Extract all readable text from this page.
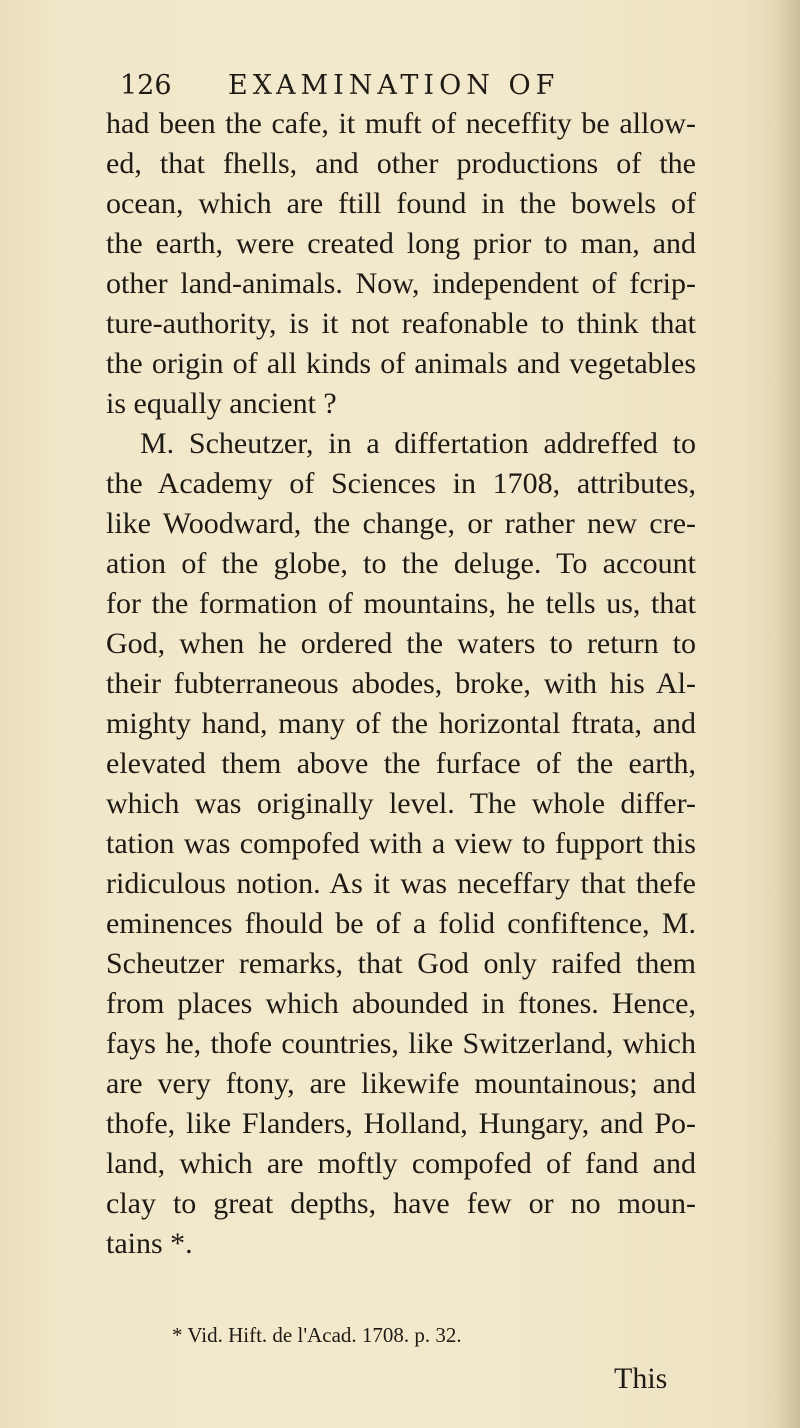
126 EXAMINATION OF
had been the cafe, it muft of neceffity be allow-
ed, that fhells, and other productions of the
ocean, which are ftill found in the bowels of
the earth, were created long prior to man, and
other land-animals. Now, independent of fcrip-
ture-authority, is it not reafonable to think that
the origin of all kinds of animals and vegetables
is equally ancient ?
M. Scheutzer, in a differtation addreffed to
the Academy of Sciences in 1708, attributes,
like Woodward, the change, or rather new cre-
ation of the globe, to the deluge. To account
for the formation of mountains, he tells us, that
God, when he ordered the waters to return to
their fubterraneous abodes, broke, with his Al-
mighty hand, many of the horizontal ftrata, and
elevated them above the furface of the earth,
which was originally level. The whole differ-
tation was compofed with a view to fupport this
ridiculous notion. As it was neceffary that thefe
eminences fhould be of a folid confiftence, M.
Scheutzer remarks, that God only raifed them
from places which abounded in ftones. Hence,
fays he, thofe countries, like Switzerland, which
are very ftony, are likewife mountainous; and
thofe, like Flanders, Holland, Hungary, and Po-
land, which are moftly compofed of fand and
clay to great depths, have few or no moun-
tains *.
* Vid. Hift. de l'Acad. 1708. p. 32.
This
